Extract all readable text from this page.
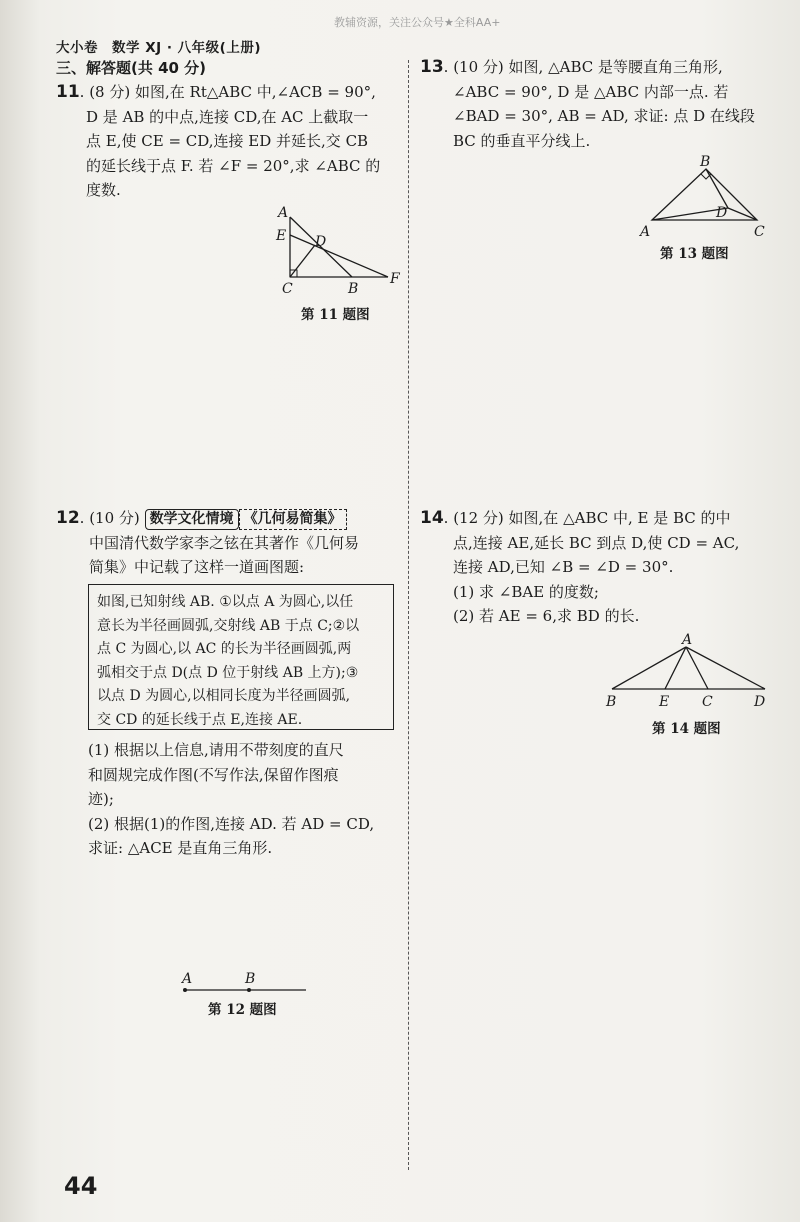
大小卷　数学 XJ · 八年级(上册)
教辅资源，关注公众号★全科AA+
三、解答题(共 40 分)

11. (8 分) 如图,在 Rt△ABC 中,∠ACB = 90°,

D 是 AB 的中点,连接 CD,在 AC 上截取一

点 E,使 CE = CD,连接 ED 并延长,交 CB

的延长线于点 F. 若 ∠F = 20°,求 ∠ABC 的

度数.

A
E D
C	B
F
第 11 题图

13. (10 分) 如图, △ABC 是等腰直角三角形,

∠ABC = 90°, D 是 △ABC 内部一点. 若

∠BAD = 30°, AB = AD, 求证: 点 D 在线段

BC 的垂直平分线上.

B
A	C
D
第 13 题图

12. (10 分) 数学文化情境 《几何易简集》

中国清代数学家李之铉在其著作《几何易

简集》中记载了这样一道画图题:

如图,已知射线 AB. ①以点 A 为圆心,以任
意长为半径画圆弧,交射线 AB 于点 C;②以
点 C 为圆心,以 AC 的长为半径画圆弧,两
弧相交于点 D(点 D 位于射线 AB 上方);③
以点 D 为圆心,以相同长度为半径画圆弧,
交 CD 的延长线于点 E,连接 AE.

(1) 根据以上信息,请用不带刻度的直尺

和圆规完成作图(不写作法,保留作图痕

迹);

(2) 根据(1)的作图,连接 AD. 若 AD = CD,

求证: △ACE 是直角三角形.

A	B
第 12 题图

14. (12 分) 如图,在 △ABC 中, E 是 BC 的中

点,连接 AE,延长 BC 到点 D,使 CD = AC,

连接 AD,已知 ∠B = ∠D = 30°.

(1) 求 ∠BAE 的度数;

(2) 若 AE = 6,求 BD 的长.

A
B	E C	D
第 14 题图
44
